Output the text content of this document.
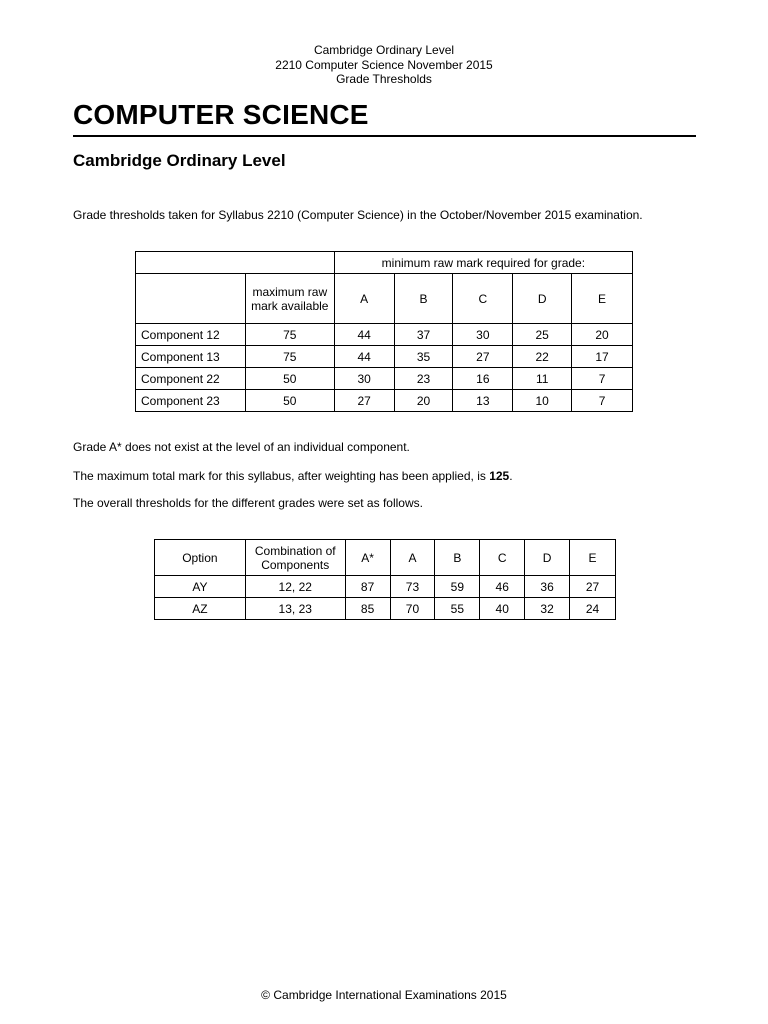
Cambridge Ordinary Level
2210 Computer Science November 2015
Grade Thresholds
COMPUTER SCIENCE
Cambridge Ordinary Level

Grade thresholds taken for Syllabus 2210 (Computer Science) in the October/November 2015 examination.

		minimum raw mark required for grade:				
	maximum raw mark available	A	B	C	D	E
Component 12	75	44	37	30	25	20
Component 13	75	44	35	27	22	17
Component 22	50	30	23	16	11	7
Component 23	50	27	20	13	10	7

Grade A* does not exist at the level of an individual component.

The maximum total mark for this syllabus, after weighting has been applied, is 125.

The overall thresholds for the different grades were set as follows.

Option	Combination of Components	A*	A	B	C	D	E
AY	12, 22	87	73	59	46	36	27
AZ	13, 23	85	70	55	40	32	24
© Cambridge International Examinations 2015
